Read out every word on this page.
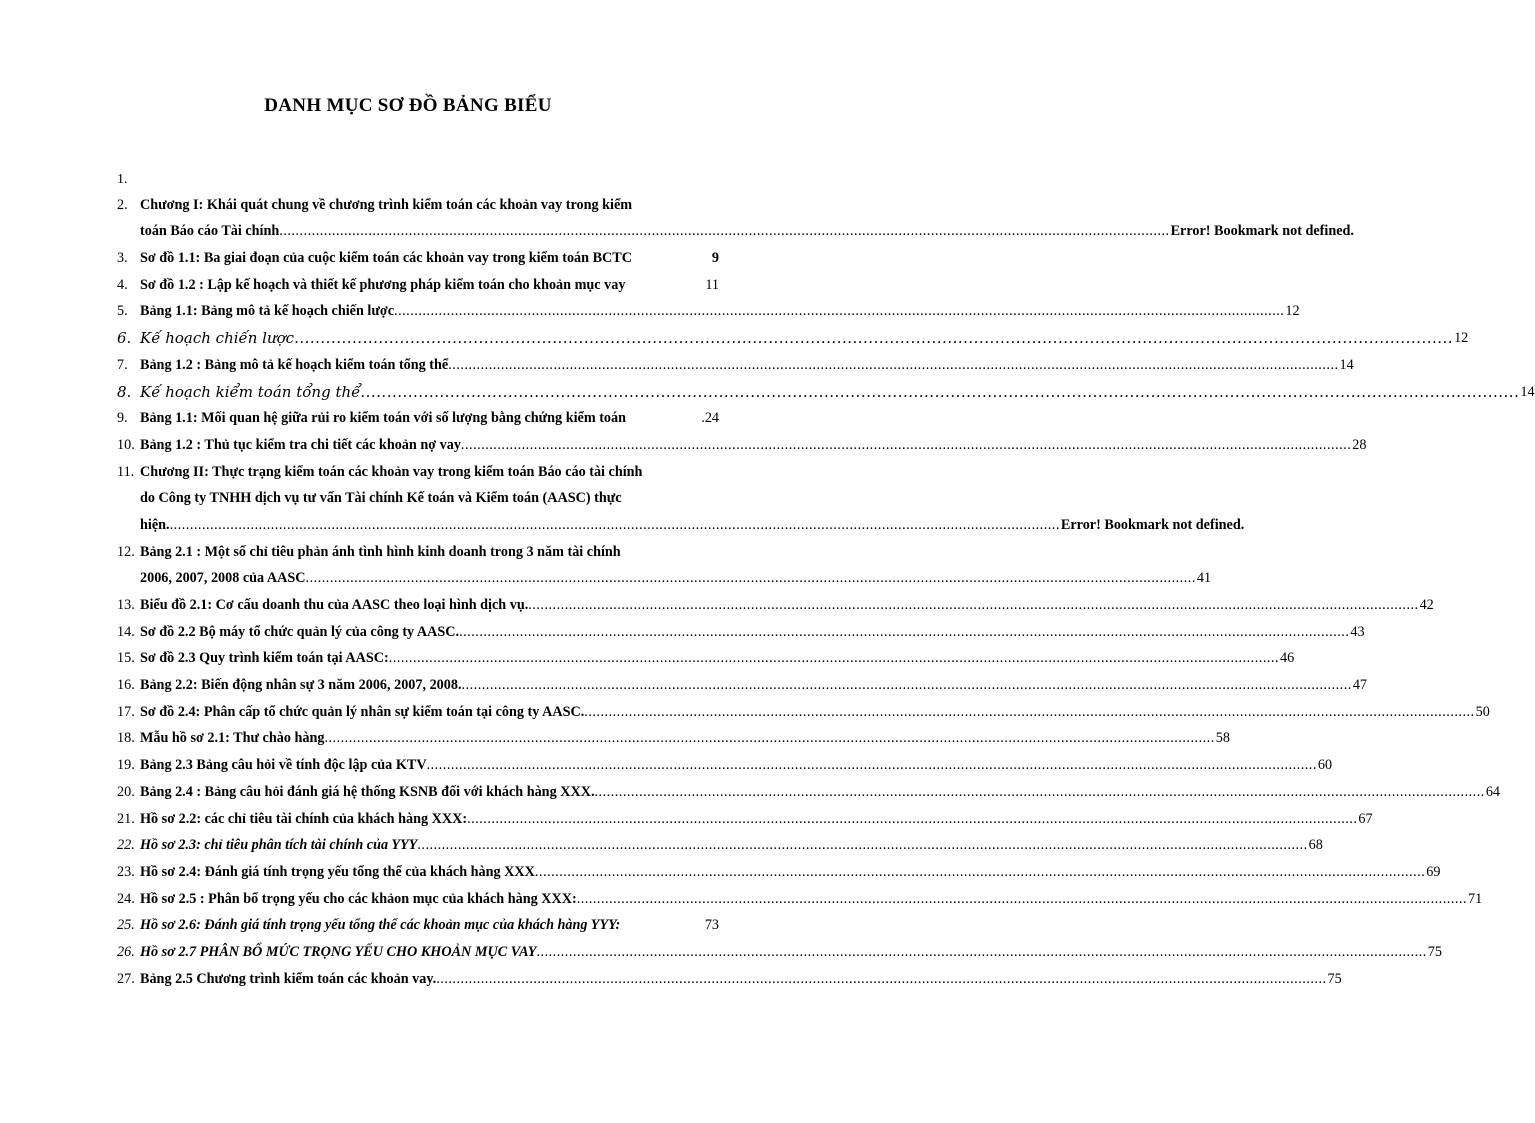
DANH MỤC SƠ ĐỒ BẢNG BIỂU
1.
2. Chương I: Khái quát chung về chương trình kiểm toán các khoản vay trong kiểm
toán Báo cáo Tài chính ............................................................................................................................................................................................................................ Error! Bookmark not defined.
3. Sơ đồ 1.1: Ba giai đoạn của cuộc kiểm toán các khoản vay trong kiểm toán BCTC	9
4. Sơ đồ 1.2 : Lập kế hoạch và thiết kế phương pháp kiểm toán cho khoản mục vay	11
5. Bảng 1.1: Bảng mô tả kế hoạch chiến lược ............................................................................................................................................................................................................................ 12
6. Kế hoạch chiến lược ............................................................................................................................................................................................................................ 12
7. Bảng 1.2 : Bảng mô tả kế hoạch kiểm toán tổng thể ............................................................................................................................................................................................................................ 14
8. Kế hoạch kiểm toán tổng thể ............................................................................................................................................................................................................................ 14
9. Bảng 1.1: Mối quan hệ giữa rủi ro kiểm toán với số lượng bằng chứng kiểm toán	.24
10. Bảng 1.2 : Thủ tục kiểm tra chi tiết các khoản nợ vay ............................................................................................................................................................................................................................ 28
11. Chương II: Thực trạng kiểm toán các khoản vay trong kiểm toán Báo cáo tài chính
do Công ty TNHH dịch vụ tư vấn Tài chính Kế toán và Kiểm toán (AASC) thực
hiện. ............................................................................................................................................................................................................................ Error! Bookmark not defined.
12. Bảng 2.1 : Một số chỉ tiêu phản ánh tình hình kinh doanh trong 3 năm tài chính
2006, 2007, 2008 của AASC ............................................................................................................................................................................................................................ 41
13. Biểu đồ 2.1: Cơ cấu doanh thu của AASC theo loại hình dịch vụ. ............................................................................................................................................................................................................................ 42
14. Sơ đồ 2.2 Bộ máy tổ chức quản lý của công ty AASC. ............................................................................................................................................................................................................................ 43
15. Sơ đồ 2.3 Quy trình kiểm toán tại AASC: ............................................................................................................................................................................................................................ 46
16. Bảng 2.2: Biến động nhân sự 3 năm 2006, 2007, 2008. ............................................................................................................................................................................................................................ 47
17. Sơ đồ 2.4: Phân cấp tổ chức quản lý nhân sự kiểm toán tại công ty AASC. ............................................................................................................................................................................................................................ 50
18. Mẫu hồ sơ 2.1: Thư chào hàng ............................................................................................................................................................................................................................ 58
19. Bảng 2.3 Bảng câu hỏi về tính độc lập của KTV ............................................................................................................................................................................................................................ 60
20. Bảng 2.4 : Bảng câu hỏi đánh giá hệ thống KSNB đối với khách hàng XXX. ............................................................................................................................................................................................................................ 64
21. Hồ sơ 2.2: các chỉ tiêu tài chính của khách hàng XXX: ............................................................................................................................................................................................................................ 67
22. Hồ sơ 2.3: chỉ tiêu phân tích tài chính của YYY ............................................................................................................................................................................................................................ 68
23. Hồ sơ 2.4: Đánh giá tính trọng yếu tổng thể của khách hàng XXX ............................................................................................................................................................................................................................ 69
24. Hồ sơ 2.5 : Phân bổ trọng yếu cho các khảon mục của khách hàng XXX: ............................................................................................................................................................................................................................ 71
25. Hồ sơ 2.6: Đánh giá tính trọng yếu tổng thể các khoản mục của khách hàng YYY:	73
26. Hồ sơ 2.7 PHÂN BỔ MỨC TRỌNG YẾU CHO KHOẢN MỤC VAY ............................................................................................................................................................................................................................ 75
27. Bảng 2.5 Chương trình kiểm toán các khoản vay. ............................................................................................................................................................................................................................ 75
